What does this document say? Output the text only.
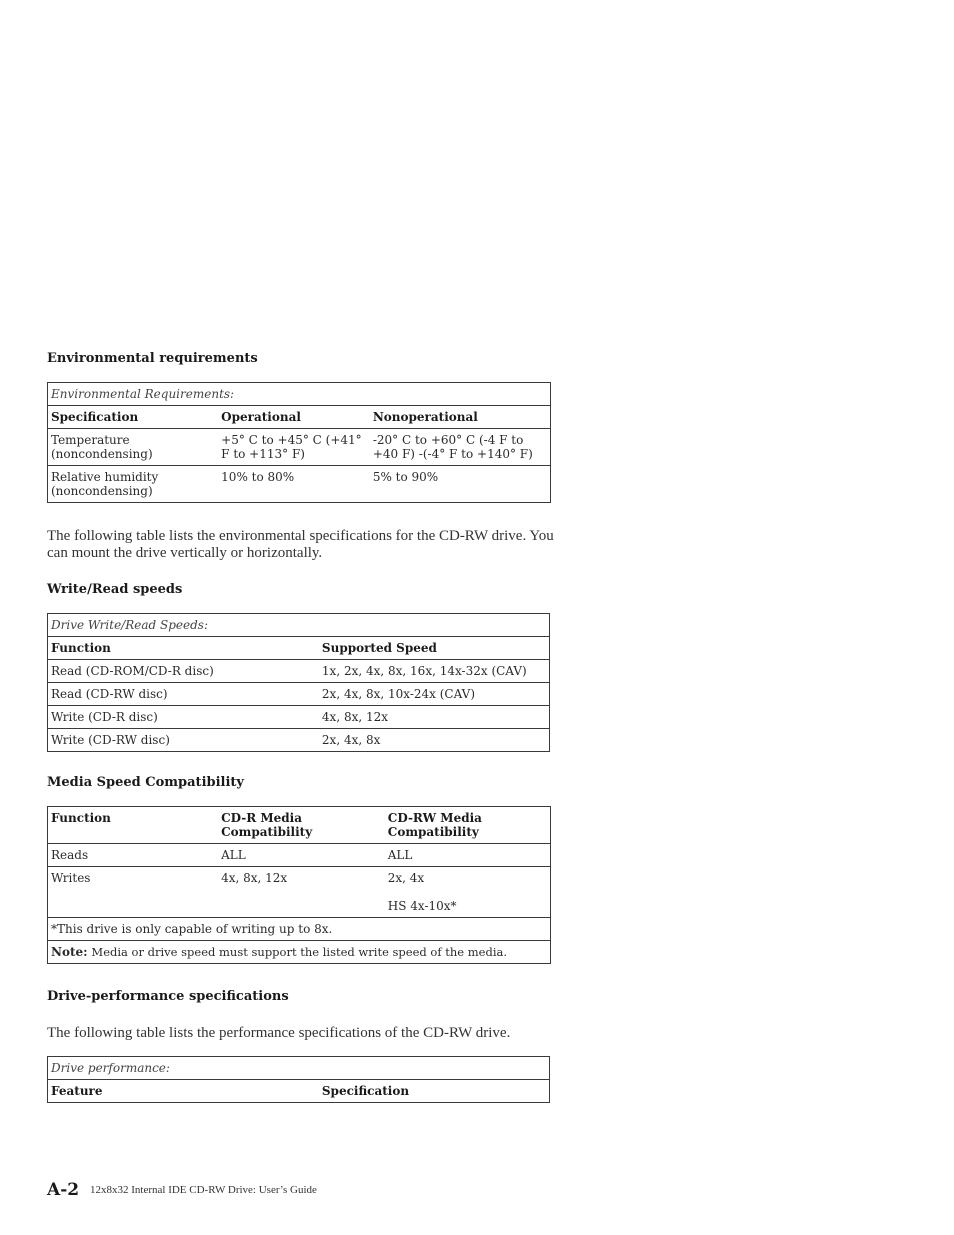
Environmental requirements
Environmental Requirements:		
Specification	Operational	Nonoperational
Temperature (noncondensing)	+5° C to +45° C (+41° F to +113° F)	-20° C to +60° C (-4 F to +40 F) -(-4° F to +140° F)
Relative humidity (noncondensing)	10% to 80%	5% to 90%
The following table lists the environmental specifications for the CD-RW drive. You can mount the drive vertically or horizontally.
Write/Read speeds
Drive Write/Read Speeds:	
Function	Supported Speed
Read (CD-ROM/CD-R disc)	1x, 2x, 4x, 8x, 16x, 14x-32x (CAV)
Read (CD-RW disc)	2x, 4x, 8x, 10x-24x (CAV)
Write (CD-R disc)	4x, 8x, 12x
Write (CD-RW disc)	2x, 4x, 8x
Media Speed Compatibility
Function	CD-R Media Compatibility	CD-RW Media Compatibility
Reads	ALL	ALL
Writes	4x, 8x, 12x	2x, 4x
HS 4x-10x*
*This drive is only capable of writing up to 8x.		
Note: Media or drive speed must support the listed write speed of the media.		
Drive-performance specifications
The following table lists the performance specifications of the CD-RW drive.
Drive performance:
Feature	Specification
A-2 12x8x32 Internal IDE CD-RW Drive: User’s Guide
